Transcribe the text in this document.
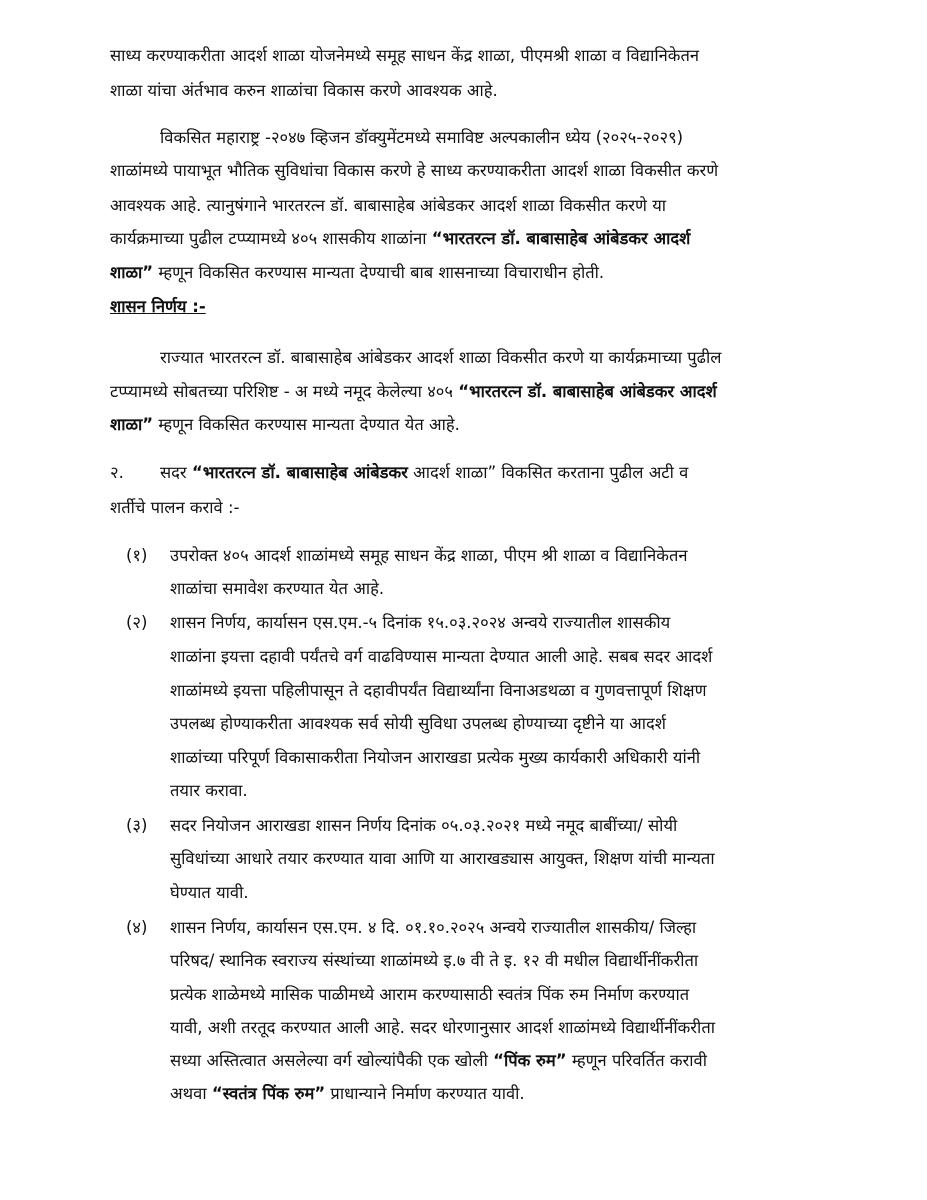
साध्य करण्याकरीता आदर्श शाळा योजनेमध्ये समूह साधन केंद्र शाळा, पीएमश्री शाळा व विद्यानिकेतन
शाळा यांचा अंर्तभाव करुन शाळांचा विकास करणे आवश्यक आहे.
विकसित महाराष्ट्र -२०४७ व्हिजन डॉक्युमेंटमध्ये समाविष्ट अल्पकालीन ध्येय (२०२५-२०२९)
शाळांमध्ये पायाभूत भौतिक सुविधांचा विकास करणे हे साध्य करण्याकरीता आदर्श शाळा विकसीत करणे
आवश्यक आहे. त्यानुषंगाने भारतरत्न डॉ. बाबासाहेब आंबेडकर आदर्श शाळा विकसीत करणे या
कार्यक्रमाच्या पुढील टप्प्यामध्ये ४०५ शासकीय शाळांना “भारतरत्न डॉ. बाबासाहेब आंबेडकर आदर्श
शाळा” म्हणून विकसित करण्यास मान्यता देण्याची बाब शासनाच्या विचाराधीन होती.
शासन निर्णय :-
राज्यात भारतरत्न डॉ. बाबासाहेब आंबेडकर आदर्श शाळा विकसीत करणे या कार्यक्रमाच्या पुढील
टप्प्यामध्ये सोबतच्या परिशिष्ट - अ मध्ये नमूद केलेल्या ४०५ “भारतरत्न डॉ. बाबासाहेब आंबेडकर आदर्श
शाळा” म्हणून विकसित करण्यास मान्यता देण्यात येत आहे.
२. सदर “भारतरत्न डॉ. बाबासाहेब आंबेडकर आदर्श शाळा” विकसित करताना पुढील अटी व
शर्तीचे पालन करावे :-
(१) उपरोक्त ४०५ आदर्श शाळांमध्ये समूह साधन केंद्र शाळा, पीएम श्री शाळा व विद्यानिकेतन
शाळांचा समावेश करण्यात येत आहे.
(२) शासन निर्णय, कार्यासन एस.एम.-५ दिनांक १५.०३.२०२४ अन्वये राज्यातील शासकीय
शाळांना इयत्ता दहावी पर्यंतचे वर्ग वाढविण्यास मान्यता देण्यात आली आहे. सबब सदर आदर्श
शाळांमध्ये इयत्ता पहिलीपासून ते दहावीपर्यंत विद्यार्थ्यांना विनाअडथळा व गुणवत्तापूर्ण शिक्षण
उपलब्ध होण्याकरीता आवश्यक सर्व सोयी सुविधा उपलब्ध होण्याच्या दृष्टीने या आदर्श
शाळांच्या परिपूर्ण विकासाकरीता नियोजन आराखडा प्रत्येक मुख्य कार्यकारी अधिकारी यांनी
तयार करावा.
(३) सदर नियोजन आराखडा शासन निर्णय दिनांक ०५.०३.२०२१ मध्ये नमूद बाबींच्या/ सोयी
सुविधांच्या आधारे तयार करण्यात यावा आणि या आराखड्यास आयुक्त, शिक्षण यांची मान्यता
घेण्यात यावी.
(४) शासन निर्णय, कार्यासन एस.एम. ४ दि. ०१.१०.२०२५ अन्वये राज्यातील शासकीय/ जिल्हा
परिषद/ स्थानिक स्वराज्य संस्थांच्या शाळांमध्ये इ.७ वी ते इ. १२ वी मधील विद्यार्थीनींकरीता
प्रत्येक शाळेमध्ये मासिक पाळीमध्ये आराम करण्यासाठी स्वतंत्र पिंक रुम निर्माण करण्यात
यावी, अशी तरतूद करण्यात आली आहे. सदर धोरणानुसार आदर्श शाळांमध्ये विद्यार्थीनींकरीता
सध्या अस्तित्वात असलेल्या वर्ग खोल्यांपैकी एक खोली “पिंक रुम” म्हणून परिवर्तित करावी
अथवा “स्वतंत्र पिंक रुम” प्राधान्याने निर्माण करण्यात यावी.
